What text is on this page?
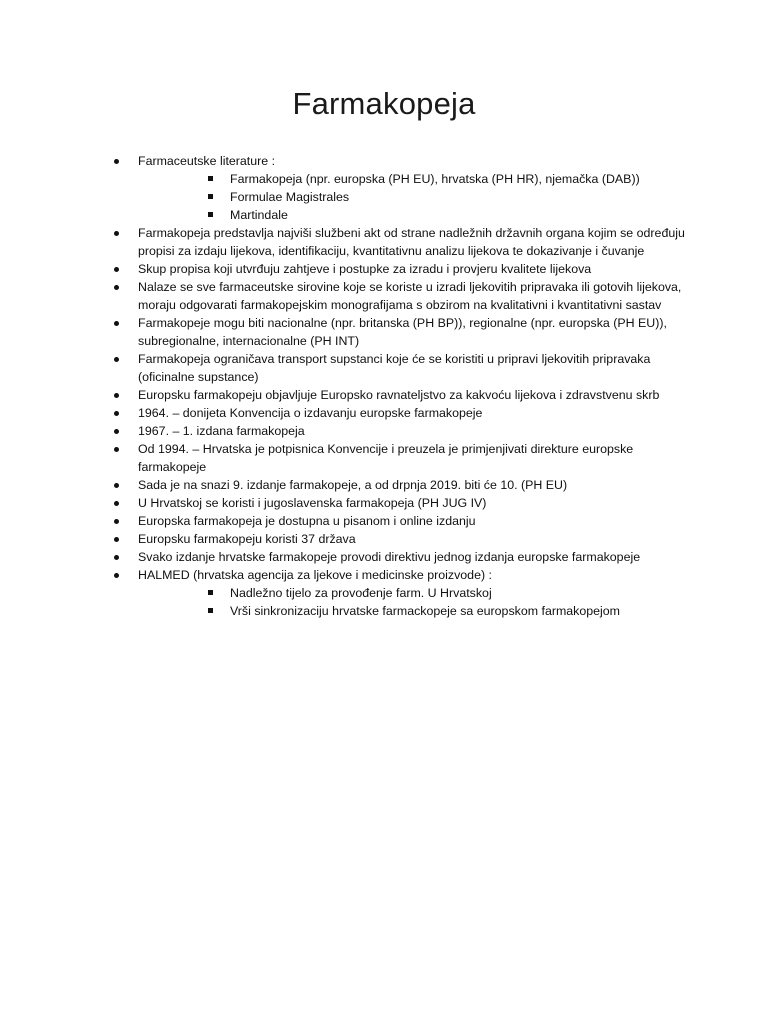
Farmakopeja
Farmaceutske literature :
Farmakopeja (npr. europska (PH EU), hrvatska (PH HR), njemačka (DAB))
Formulae Magistrales
Martindale
Farmakopeja predstavlja najviši službeni akt od strane nadležnih državnih organa kojim se određuju propisi za izdaju lijekova, identifikaciju, kvantitativnu analizu lijekova te dokazivanje i čuvanje
Skup propisa koji utvrđuju zahtjeve i postupke za izradu i provjeru kvalitete lijekova
Nalaze se sve farmaceutske sirovine koje se koriste u izradi ljekovitih pripravaka ili gotovih lijekova, moraju odgovarati farmakopejskim monografijama s obzirom na kvalitativni i kvantitativni sastav
Farmakopeje mogu biti nacionalne (npr. britanska (PH BP)), regionalne (npr. europska (PH EU)), subregionalne, internacionalne (PH INT)
Farmakopeja ograničava transport supstanci koje će se koristiti u pripravi ljekovitih pripravaka (oficinalne supstance)
Europsku farmakopeju objavljuje Europsko ravnateljstvo za kakvoću lijekova i zdravstvenu skrb
1964. – donijeta Konvencija o izdavanju europske farmakopeje
1967. – 1. izdana farmakopeja
Od 1994. – Hrvatska je potpisnica Konvencije i preuzela je primjenjivati direkture europske farmakopeje
Sada je na snazi 9. izdanje farmakopeje, a od drpnja 2019. biti će 10. (PH EU)
U Hrvatskoj se koristi i jugoslavenska farmakopeja (PH JUG IV)
Europska farmakopeja je dostupna u pisanom i online izdanju
Europsku farmakopeju koristi 37 država
Svako izdanje hrvatske farmakopeje provodi direktivu jednog izdanja europske farmakopeje
HALMED (hrvatska agencija za ljekove i medicinske proizvode) :
Nadležno tijelo za provođenje farm. U Hrvatskoj
Vrši sinkronizaciju hrvatske farmackopeje sa europskom farmakopejom
